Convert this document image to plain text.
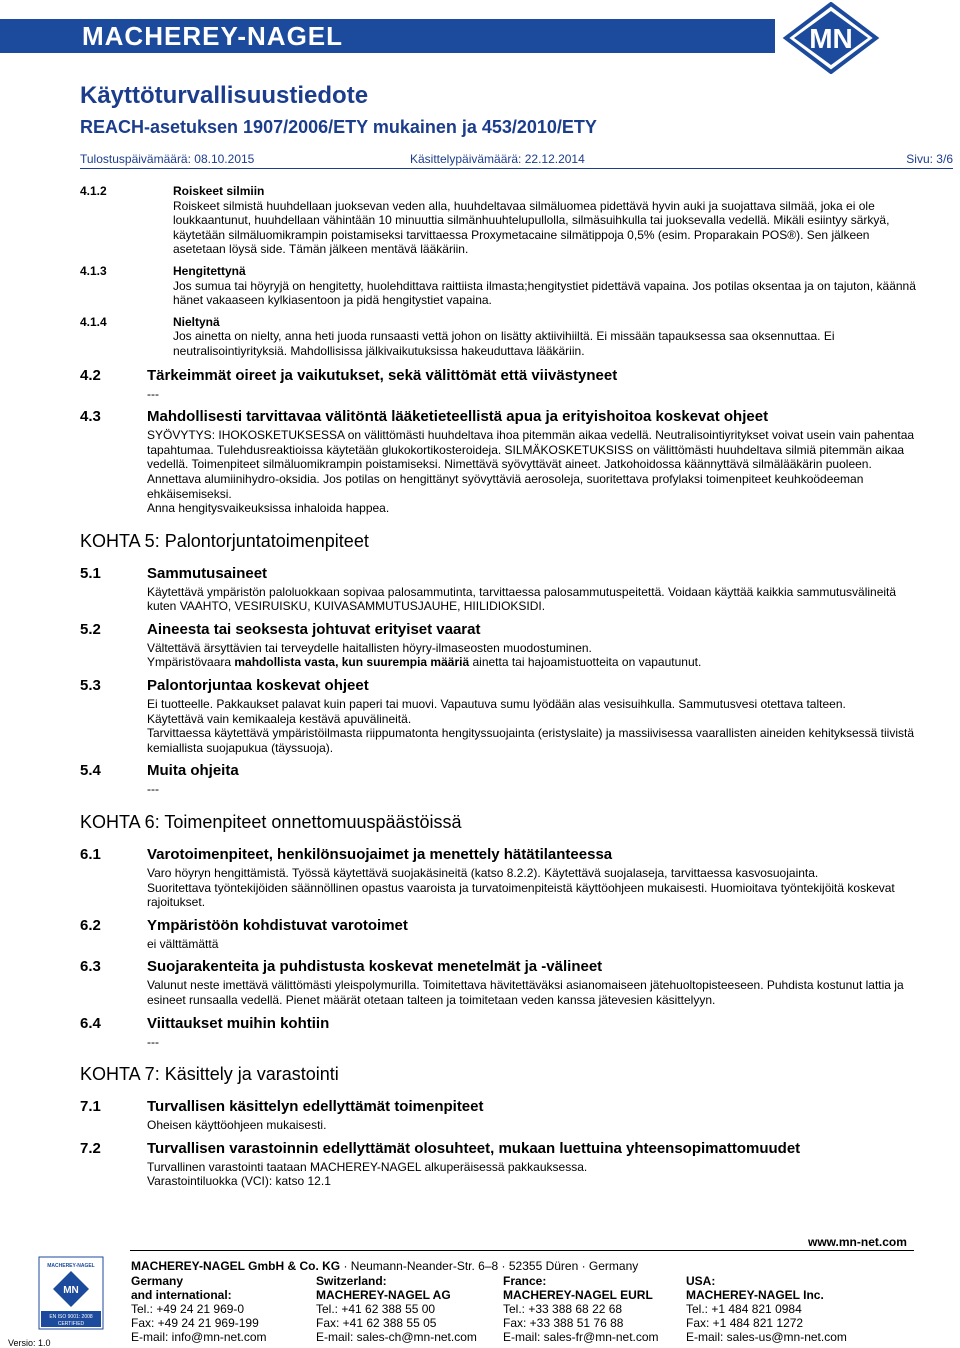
MACHEREY-NAGEL	MN
Käyttöturvallisuustiedote
REACH-asetuksen 1907/2006/ETY mukainen ja 453/2010/ETY
Tulostuspäivämäärä: 08.10.2015	Käsittelypäivämäärä: 22.12.2014	Sivu: 3/6
4.1.2	Roiskeet silmiin

Roiskeet silmistä huuhdellaan juoksevan veden alla, huuhdeltavaa silmäluomea pidettävä hyvin auki ja suojattava silmää, joka ei ole loukkaantunut, huuhdellaan vähintään 10 minuuttia silmänhuuhtelupullolla, silmäsuihkulla tai juoksevalla vedellä. Mikäli esiintyy särkyä, käytetään silmäluomikrampin poistamiseksi tarvittaessa Proxymetacaine silmätippoja 0,5% (esim. Proparakain POS®). Sen jälkeen asetetaan löysä side. Tämän jälkeen mentävä lääkäriin.

4.1.3	Hengitettynä

Jos sumua tai höyryjä on hengitetty, huolehdittava raittiista ilmasta;hengitystiet pidettävä vapaina. Jos potilas oksentaa ja on tajuton, käännä hänet vakaaseen kylkiasentoon ja pidä hengitystiet vapaina.

4.1.4	Nieltynä

Jos ainetta on nielty, anna heti juoda runsaasti vettä johon on lisätty aktiivihiiltä. Ei missään tapauksessa saa oksennuttaa. Ei neutralisointiyrityksiä. Mahdollisissa jälkivaikutuksissa hakeuduttava lääkäriin.

4.2	Tärkeimmät oireet ja vaikutukset, sekä välittömät että viivästyneet

---

4.3	Mahdollisesti tarvittavaa välitöntä lääketieteellistä apua ja erityishoitoa koskevat ohjeet

SYÖVYTYS: IHOKOSKETUKSESSA on välittömästi huuhdeltava ihoa pitemmän aikaa vedellä. Neutralisointiyritykset voivat usein vain pahentaa tapahtumaa. Tulehdusreaktioissa käytetään glukokortikosteroideja. SILMÄKOSKETUKSISS on välittömästi huuhdeltava silmiä pitemmän aikaa vedellä. Toimenpiteet silmäluomikrampin poistamiseksi. Nimettävä syövyttävät aineet. Jatkohoidossa käännyttävä silmälääkärin puoleen. Annettava alumiinihydro-oksidia. Jos potilas on hengittänyt syövyttäviä aerosoleja, suoritettava profylaksi toimenpiteet keuhkoödeeman ehkäisemiseksi.

Anna hengitysvaikeuksissa inhaloida happea.

KOHTA 5: Palontorjuntatoimenpiteet
5.1	Sammutusaineet

Käytettävä ympäristön paloluokkaan sopivaa palosammutinta, tarvittaessa palosammutuspeitettä. Voidaan käyttää kaikkia sammutusvälineitä kuten VAAHTO, VESIRUISKU, KUIVASAMMUTUSJAUHE, HIILIDIOKSIDI.

5.2	Aineesta tai seoksesta johtuvat erityiset vaarat

Vältettävä ärsyttävien tai terveydelle haitallisten höyry-ilmaseosten muodostuminen.

Ympäristövaara mahdollista vasta, kun suurempia määriä ainetta tai hajoamistuotteita on vapautunut.

5.3	Palontorjuntaa koskevat ohjeet

Ei tuotteelle. Pakkaukset palavat kuin paperi tai muovi. Vapautuva sumu lyödään alas vesisuihkulla. Sammutusvesi otettava talteen.

Käytettävä vain kemikaaleja kestävä apuvälineitä.

Tarvittaessa käytettävä ympäristöilmasta riippumatonta hengityssuojainta (eristyslaite) ja massiivisessa vaarallisten aineiden kehityksessä tiivistä kemiallista suojapukua (täyssuoja).

5.4	Muita ohjeita

---

KOHTA 6: Toimenpiteet onnettomuuspäästöissä
6.1	Varotoimenpiteet, henkilönsuojaimet ja menettely hätätilanteessa

Varo höyryn hengittämistä. Työssä käytettävä suojakäsineitä (katso 8.2.2). Käytettävä suojalaseja, tarvittaessa kasvosuojainta.

Suoritettava työntekijöiden säännöllinen opastus vaaroista ja turvatoimenpiteistä käyttöohjeen mukaisesti. Huomioitava työntekijöitä koskevat rajoitukset.

6.2	Ympäristöön kohdistuvat varotoimet

ei välttämättä

6.3	Suojarakenteita ja puhdistusta koskevat menetelmät ja -välineet

Valunut neste imettävä välittömästi yleispolymurilla. Toimitettava hävitettäväksi asianomaiseen jätehuoltopisteeseen. Puhdista kostunut lattia ja esineet runsaalla vedellä. Pienet määrät otetaan talteen ja toimitetaan veden kanssa jätevesien käsittelyyn.

6.4	Viittaukset muihin kohtiin

---

KOHTA 7: Käsittely ja varastointi
7.1	Turvallisen käsittelyn edellyttämät toimenpiteet

Oheisen käyttöohjeen mukaisesti.

7.2	Turvallisen varastoinnin edellyttämät olosuhteet, mukaan luettuina yhteensopimattomuudet

Turvallinen varastointi taataan MACHEREY-NAGEL alkuperäisessä pakkauksessa.

Varastointiluokka (VCI): katso 12.1

www.mn-net.com
MACHEREY-NAGEL
MN
EN ISO 9001: 2008
CERTIFIED
Versio: 1.0
MACHEREY-NAGEL GmbH & Co. KG · Neumann-Neander-Str. 6–8 · 52355 Düren · Germany
Germany
and international:
Tel.: +49 24 21 969-0
Fax: +49 24 21 969-199
E-mail: info@mn-net.com
Switzerland:
MACHEREY-NAGEL AG
Tel.: +41 62 388 55 00
Fax: +41 62 388 55 05
E-mail: sales-ch@mn-net.com
France:
MACHEREY-NAGEL EURL
Tel.: +33 388 68 22 68
Fax: +33 388 51 76 88
E-mail: sales-fr@mn-net.com
USA:
MACHEREY-NAGEL Inc.
Tel.: +1 484 821 0984
Fax: +1 484 821 1272
E-mail: sales-us@mn-net.com
